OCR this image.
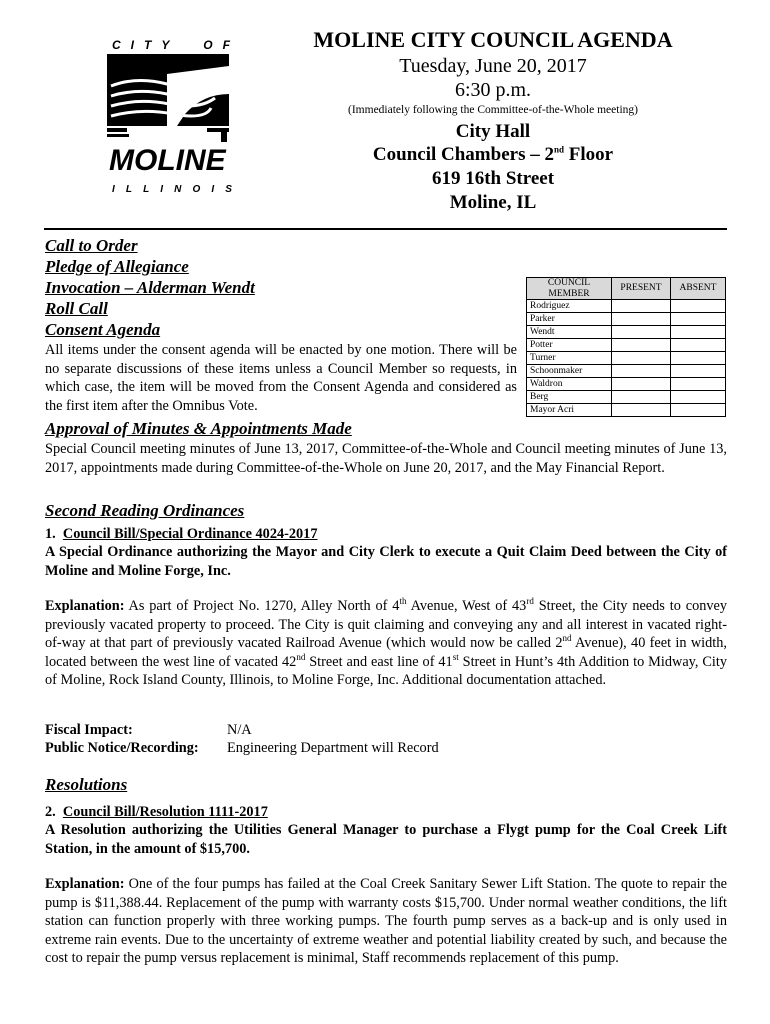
C I T Y	O F
MOLINE
I L L I N O I S
MOLINE CITY COUNCIL AGENDA
Tuesday, June 20, 2017
6:30 p.m.
(Immediately following the Committee-of-the-Whole meeting)
City Hall
Council Chambers – 2nd Floor
619 16th Street
Moline, IL
Call to Order
Pledge of Allegiance
Invocation – Alderman Wendt
Roll Call
Consent Agenda
All items under the consent agenda will be enacted by one motion. There will be no separate discussions of these items unless a Council Member so requests, in which case, the item will be moved from the Consent Agenda and considered as the first item after the Omnibus Vote.
COUNCIL MEMBER	PRESENT	ABSENT
Rodriguez		
Parker		
Wendt		
Potter		
Turner		
Schoonmaker		
Waldron		
Berg		
Mayor Acri		
Approval of Minutes & Appointments Made
Special Council meeting minutes of June 13, 2017, Committee-of-the-Whole and Council meeting minutes of June 13, 2017, appointments made during Committee-of-the-Whole on June 20, 2017, and the May Financial Report.
Second Reading Ordinances
1. Council Bill/Special Ordinance 4024-2017
A Special Ordinance authorizing the Mayor and City Clerk to execute a Quit Claim Deed between the City of Moline and Moline Forge, Inc.
Explanation: As part of Project No. 1270, Alley North of 4th Avenue, West of 43rd Street, the City needs to convey previously vacated property to proceed. The City is quit claiming and conveying any and all interest in vacated right-of-way at that part of previously vacated Railroad Avenue (which would now be called 2nd Avenue), 40 feet in width, located between the west line of vacated 42nd Street and east line of 41st Street in Hunt’s 4th Addition to Midway, City of Moline, Rock Island County, Illinois, to Moline Forge, Inc. Additional documentation attached.
Fiscal Impact:	N/A
Public Notice/Recording: Engineering Department will Record
Resolutions
2. Council Bill/Resolution 1111-2017
A Resolution authorizing the Utilities General Manager to purchase a Flygt pump for the Coal Creek Lift Station, in the amount of $15,700.
Explanation: One of the four pumps has failed at the Coal Creek Sanitary Sewer Lift Station. The quote to repair the pump is $11,388.44. Replacement of the pump with warranty costs $15,700. Under normal weather conditions, the lift station can function properly with three working pumps. The fourth pump serves as a back-up and is only used in extreme rain events. Due to the uncertainty of extreme weather and potential liability created by such, and because the cost to repair the pump versus replacement is minimal, Staff recommends replacement of this pump.
